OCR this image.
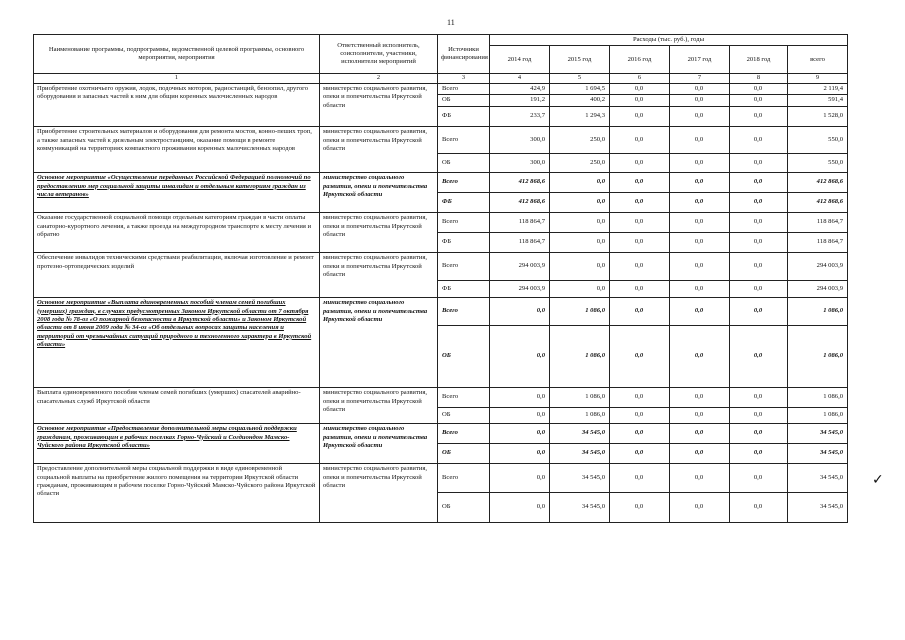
11
Наименование программы, подпрограммы, ведомственной целевой программы, основного мероприятия, мероприятия	Ответственный исполнитель, соисполнители, участники, исполнители мероприятий	Источники финансирования	Расходы (тыс. руб.), годы					
			2014 год	2015 год	2016 год	2017 год	2018 год	всего
1	2	3	4	5	6	7	8	9
Приобретение охотничьего оружия, лодок, подочных моторов, радиостанций, бензопил, другого оборудования и запасных частей к ним для общин коренных малочисленных народов	министерство социального развития, опеки и попечительства Иркутской области	Всего	424,9	1 694,5	0,0	0,0	0,0	2 119,4
		ОБ	191,2	400,2	0,0	0,0	0,0	591,4
		ФБ	233,7	1 294,3	0,0	0,0	0,0	1 528,0
Приобретение строительных материалов и оборудования для ремонта мостов, конно-пеших троп, а также запасных частей к дизельным электростанциям, оказание помощи в ремонте коммуникаций на территориях компактного проживания коренных малочисленных народов	министерство социального развития, опеки и попечительства Иркутской области	Всего	300,0	250,0	0,0	0,0	0,0	550,0
		ОБ	300,0	250,0	0,0	0,0	0,0	550,0
Основное мероприятие «Осуществление переданных Российской Федерацией полномочий по предоставлению мер социальной защиты инвалидам и отдельным категориям граждан из числа ветеранов»	министерство социального развития, опеки и попечительства Иркутской области	Всего	412 868,6	0,0	0,0	0,0	0,0	412 868,6
		ФБ	412 868,6	0,0	0,0	0,0	0,0	412 868,6
Оказание государственной социальной помощи отдельным категориям граждан в части оплаты санаторно-курортного лечения, а также проезда на междугородном транспорте к месту лечения и обратно	министерство социального развития, опеки и попечительства Иркутской области	Всего	118 864,7	0,0	0,0	0,0	0,0	118 864,7
		ФБ	118 864,7	0,0	0,0	0,0	0,0	118 864,7
Обеспечение инвалидов техническими средствами реабилитации, включая изготовление и ремонт протезно-ортопедических изделий	министерство социального развития, опеки и попечительства Иркутской области	Всего	294 003,9	0,0	0,0	0,0	0,0	294 003,9
		ФБ	294 003,9	0,0	0,0	0,0	0,0	294 003,9
Основное мероприятие «Выплата единовременных пособий членам семей погибших (умерших) граждан, в случаях предусмотренных Законом Иркутской области от 7 октября 2008 года № 78-оз «О пожарной безопасности в Иркутской области» и Законом Иркутской области от 8 июня 2009 года № 34-оз «Об отдельных вопросах защиты населения и территорий от чрезвычайных ситуаций природного и техногенного характера в Иркутской области»	министерство социального развития, опеки и попечительства Иркутской области	Всего	0,0	1 086,0	0,0	0,0	0,0	1 086,0
		ОБ	0,0	1 086,0	0,0	0,0	0,0	1 086,0
Выплата единовременного пособия членам семей погибших (умерших) спасателей аварийно-спасательных служб Иркутской области	министерство социального развития, опеки и попечительства Иркутской области	Всего	0,0	1 086,0	0,0	0,0	0,0	1 086,0
		ОБ	0,0	1 086,0	0,0	0,0	0,0	1 086,0
Основное мероприятие «Предоставление дополнительной меры социальной поддержки гражданам, проживающим в рабочих поселках Горно-Чуйский и Согдиондон Мамско-Чуйского района Иркутской области»	министерство социального развития, опеки и попечительства Иркутской области	Всего	0,0	34 545,0	0,0	0,0	0,0	34 545,0
		ОБ	0,0	34 545,0	0,0	0,0	0,0	34 545,0
Предоставление дополнительной меры социальной поддержки в виде единовременной социальной выплаты на приобретение жилого помещения на территории Иркутской области гражданам, проживающим в рабочем поселке Горно-Чуйский Мамско-Чуйского района Иркутской области	министерство социального развития, опеки и попечительства Иркутской области	Всего	0,0	34 545,0	0,0	0,0	0,0	34 545,0
		ОБ	0,0	34 545,0	0,0	0,0	0,0	34 545,0
✓
